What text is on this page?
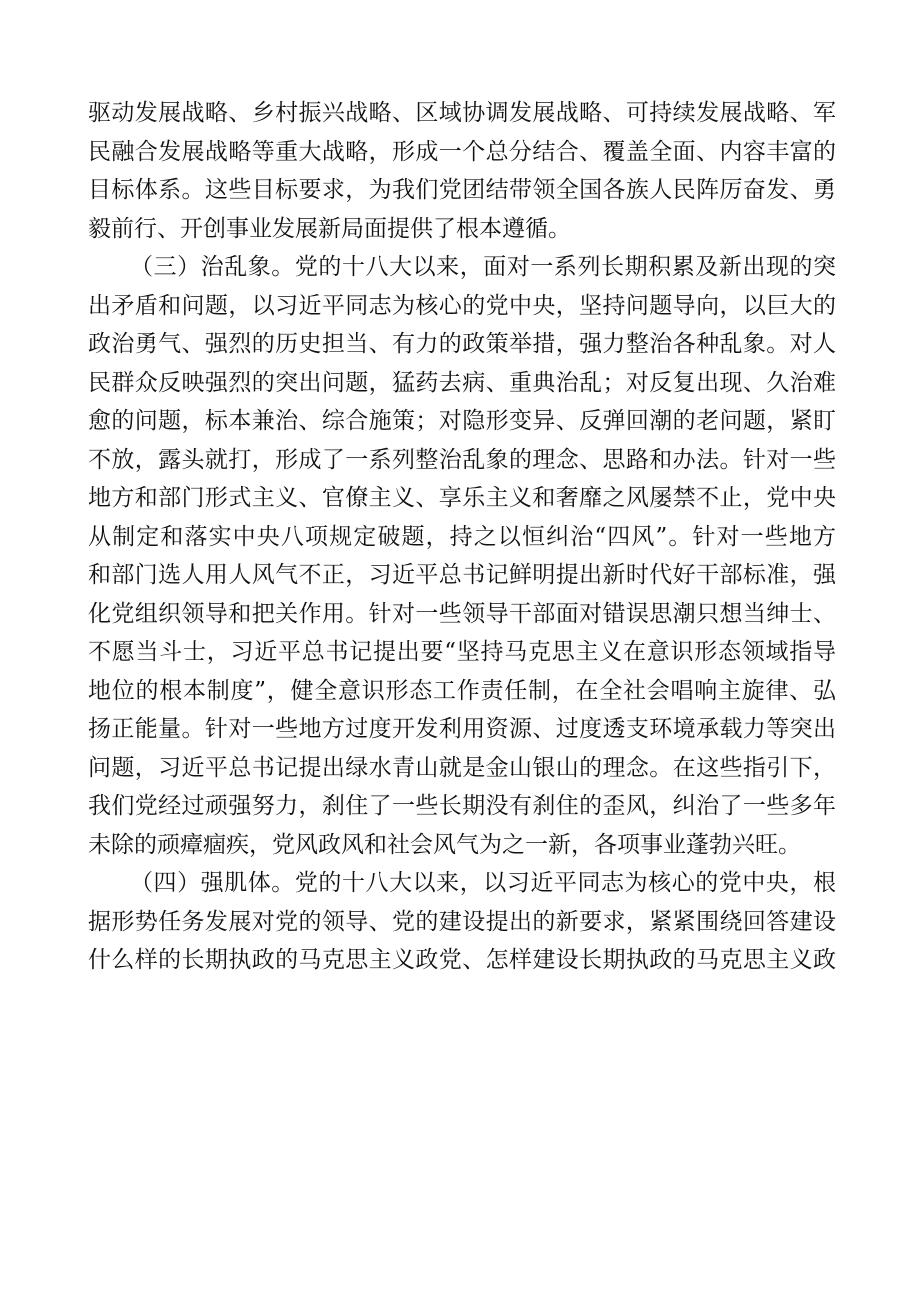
驱动发展战略、乡村振兴战略、区域协调发展战略、可持续发展战略、军
民融合发展战略等重大战略，形成一个总分结合、覆盖全面、内容丰富的
目标体系。这些目标要求，为我们党团结带领全国各族人民阵厉奋发、勇
毅前行、开创事业发展新局面提供了根本遵循。
（三）治乱象。党的十八大以来，面对一系列长期积累及新出现的突
出矛盾和问题，以习近平同志为核心的党中央，坚持问题导向，以巨大的
政治勇气、强烈的历史担当、有力的政策举措，强力整治各种乱象。对人
民群众反映强烈的突出问题，猛药去病、重典治乱；对反复出现、久治难
愈的问题，标本兼治、综合施策；对隐形变异、反弹回潮的老问题，紧盯
不放，露头就打，形成了一系列整治乱象的理念、思路和办法。针对一些
地方和部门形式主义、官僚主义、享乐主义和奢靡之风屡禁不止，党中央
从制定和落实中央八项规定破题，持之以恒纠治“四风”。针对一些地方
和部门选人用人风气不正，习近平总书记鲜明提出新时代好干部标准，强
化党组织领导和把关作用。针对一些领导干部面对错误思潮只想当绅士、
不愿当斗士，习近平总书记提出要“坚持马克思主义在意识形态领域指导
地位的根本制度”，健全意识形态工作责任制，在全社会唱响主旋律、弘
扬正能量。针对一些地方过度开发利用资源、过度透支环境承载力等突出
问题，习近平总书记提出绿水青山就是金山银山的理念。在这些指引下，
我们党经过顽强努力，刹住了一些长期没有刹住的歪风，纠治了一些多年
未除的顽瘴痼疾，党风政风和社会风气为之一新，各项事业蓬勃兴旺。
（四）强肌体。党的十八大以来，以习近平同志为核心的党中央，根
据形势任务发展对党的领导、党的建设提出的新要求，紧紧围绕回答建设
什么样的长期执政的马克思主义政党、怎样建设长期执政的马克思主义政
